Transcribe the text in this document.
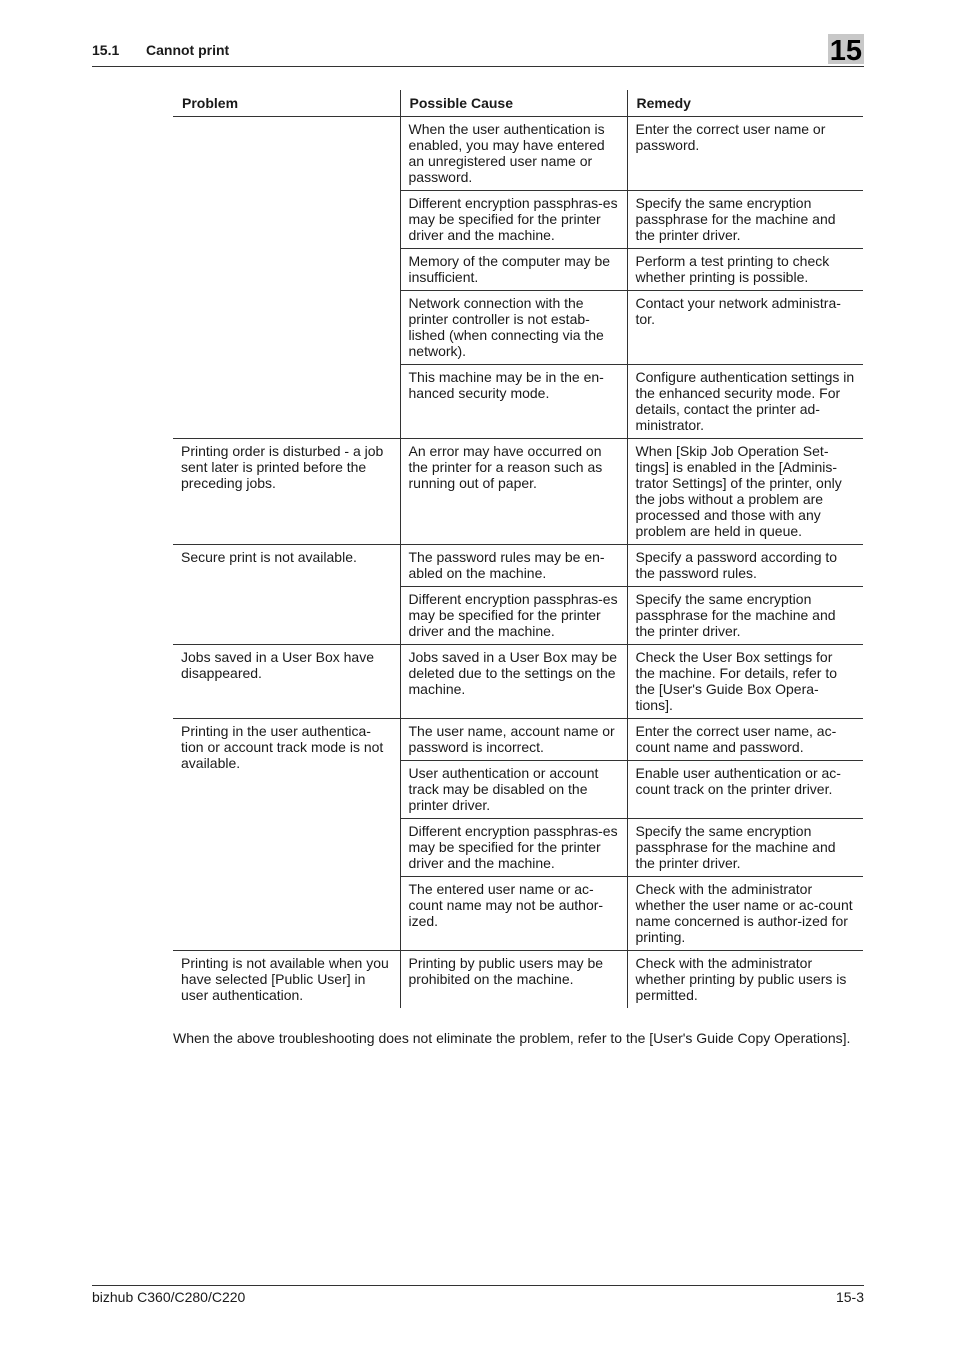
15.1 Cannot print	15
Problem	Possible Cause	Remedy
	When the user authentication is enabled, you may have entered an unregistered user name or password.	Enter the correct user name or password.
	Different encryption passphras-es may be specified for the printer driver and the machine.	Specify the same encryption passphrase for the machine and the printer driver.
	Memory of the computer may be insufficient.	Perform a test printing to check whether printing is possible.
	Network connection with the printer controller is not estab-lished (when connecting via the network).	Contact your network administra-tor.
	This machine may be in the en-hanced security mode.	Configure authentication settings in the enhanced security mode. For details, contact the printer ad-ministrator.
Printing order is disturbed - a job sent later is printed before the preceding jobs.	An error may have occurred on the printer for a reason such as running out of paper.	When [Skip Job Operation Set-tings] is enabled in the [Adminis-trator Settings] of the printer, only the jobs without a problem are processed and those with any problem are held in queue.
Secure print is not available.	The password rules may be en-abled on the machine.	Specify a password according to the password rules.
	Different encryption passphras-es may be specified for the printer driver and the machine.	Specify the same encryption passphrase for the machine and the printer driver.
Jobs saved in a User Box have disappeared.	Jobs saved in a User Box may be deleted due to the settings on the machine.	Check the User Box settings for the machine. For details, refer to the [User's Guide Box Opera-tions].
Printing in the user authentica-tion or account track mode is not available.	The user name, account name or password is incorrect.	Enter the correct user name, ac-count name and password.
	User authentication or account track may be disabled on the printer driver.	Enable user authentication or ac-count track on the printer driver.
	Different encryption passphras-es may be specified for the printer driver and the machine.	Specify the same encryption passphrase for the machine and the printer driver.
	The entered user name or ac-count name may not be author-ized.	Check with the administrator whether the user name or ac-count name concerned is author-ized for printing.
Printing is not available when you have selected [Public User] in user authentication.	Printing by public users may be prohibited on the machine.	Check with the administrator whether printing by public users is permitted.
When the above troubleshooting does not eliminate the problem, refer to the [User's Guide Copy Operations].
bizhub C360/C280/C220	15-3
